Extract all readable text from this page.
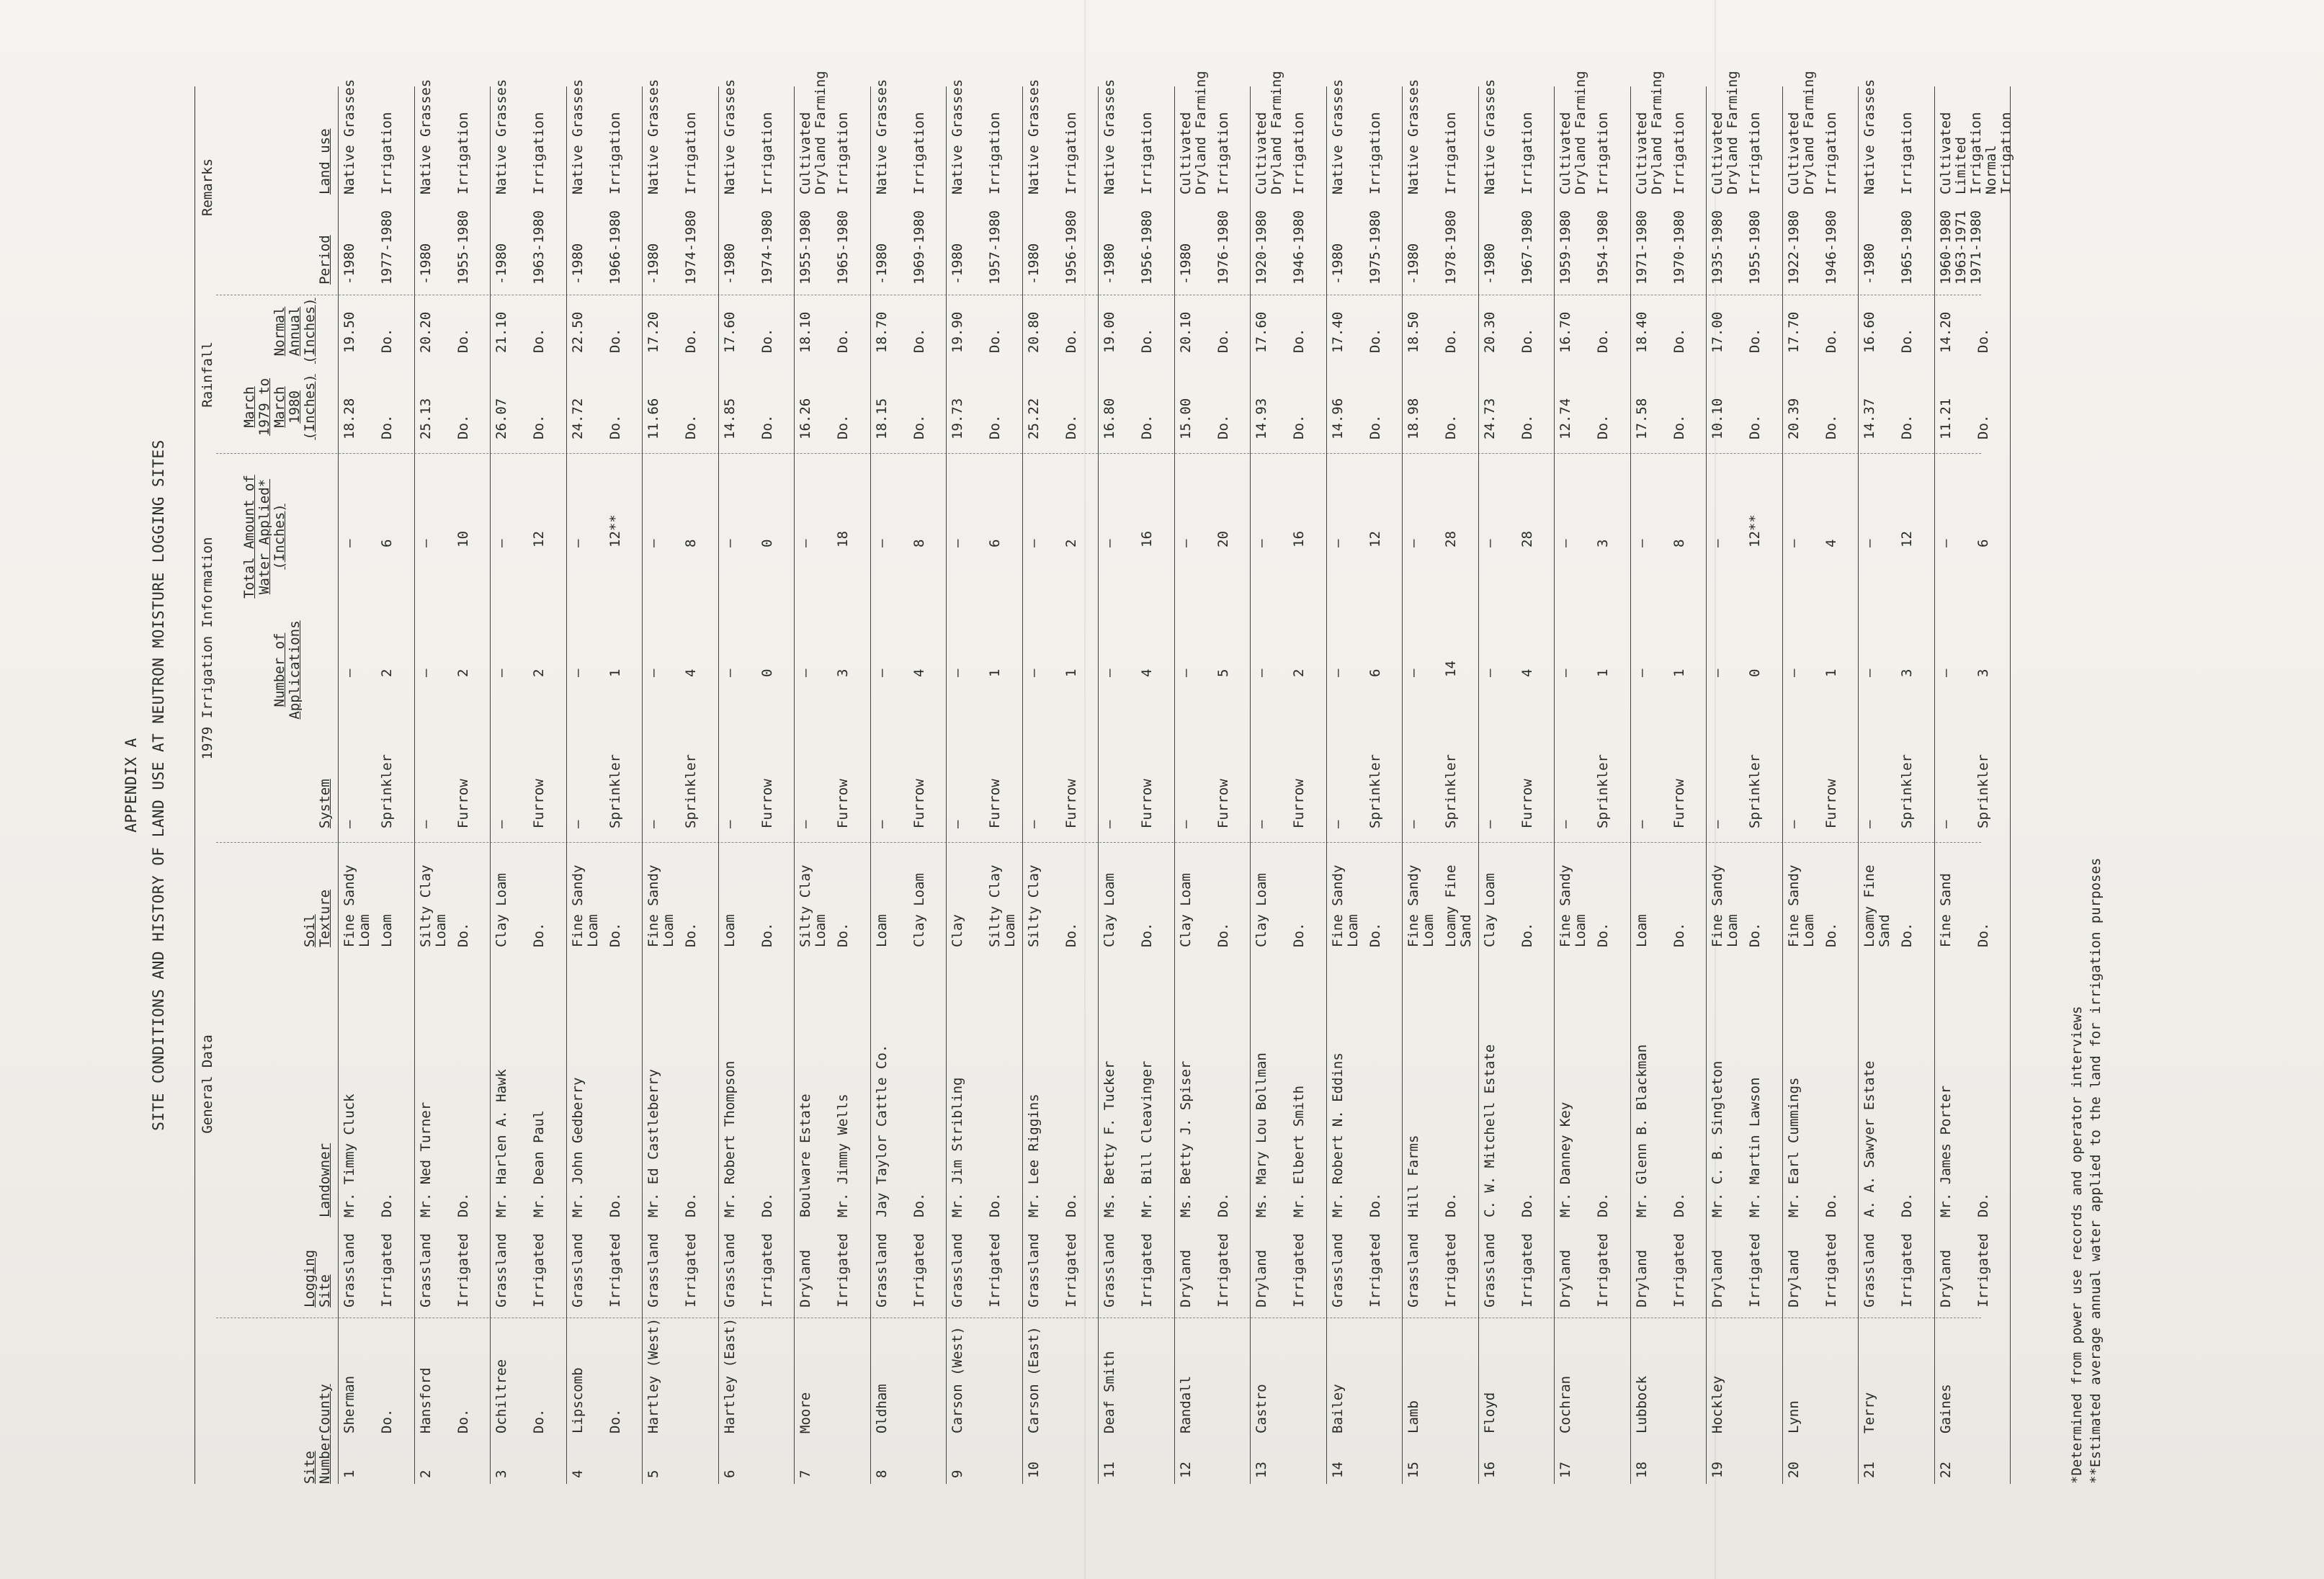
APPENDIX A SITE CONDITIONS AND HISTORY OF LAND USE AT NEUTRON MOISTURE LOGGING SITES General Data
1979 Irrigation Information
Rainfall
Remarks
Site Number
County
Logging Site
Landowner
Soil Texture
System
Number of Applications
Total Amount of Water Applied* (Inches)
March 1979 to March 1980 (Inches)
Normal Annual (Inches)
Period
Land use
1
Sherman
Grassland
Mr. Timmy Cluck
Fine Sandy
Loam
—
—
—
18.28
19.50
-1980
Native Grasses
Do.
Irrigated
Do.
Loam
Sprinkler
2
6
Do.
Do.
1977-1980
Irrigation
2
Hansford
Grassland
Mr. Ned Turner
Silty Clay
Loam
—
—
—
25.13
20.20
-1980
Native Grasses
Do.
Irrigated
Do.
Do.
Furrow
2
10
Do.
Do.
1955-1980
Irrigation
3
Ochiltree
Grassland
Mr. Harlen A. Hawk
Clay Loam
—
—
—
26.07
21.10
-1980
Native Grasses
Do.
Irrigated
Mr. Dean Paul
Do.
Furrow
2
12
Do.
Do.
1963-1980
Irrigation
4
Lipscomb
Grassland
Mr. John Gedberry
Fine Sandy
Loam
—
—
—
24.72
22.50
-1980
Native Grasses
Do.
Irrigated
Do.
Do.
Sprinkler
1
12**
Do.
Do.
1966-1980
Irrigation
5
Hartley (West)
Grassland
Mr. Ed Castleberry
Fine Sandy
Loam
—
—
—
11.66
17.20
-1980
Native Grasses
Irrigated
Do.
Do.
Sprinkler
4
8
Do.
Do.
1974-1980
Irrigation
6
Hartley (East)
Grassland
Mr. Robert Thompson
Loam
—
—
—
14.85
17.60
-1980
Native Grasses
Irrigated
Do.
Do.
Furrow
0
0
Do.
Do.
1974-1980
Irrigation
7
Moore
Dryland
Boulware Estate
Silty Clay
Loam
—
—
—
16.26
18.10
1955-1980
Cultivated
Dryland Farming
Irrigated
Mr. Jimmy Wells
Do.
Furrow
3
18
Do.
Do.
1965-1980
Irrigation
8
Oldham
Grassland
Jay Taylor Cattle Co.
Loam
—
—
—
18.15
18.70
-1980
Native Grasses
Irrigated
Do.
Clay Loam
Furrow
4
8
Do.
Do.
1969-1980
Irrigation
9
Carson (West)
Grassland
Mr. Jim Stribling
Clay
—
—
—
19.73
19.90
-1980
Native Grasses
Irrigated
Do.
Silty Clay
Loam
Furrow
1
6
Do.
Do.
1957-1980
Irrigation
10
Carson (East)
Grassland
Mr. Lee Riggins
Silty Clay
—
—
—
25.22
20.80
-1980
Native Grasses
Irrigated
Do.
Do.
Furrow
1
2
Do.
Do.
1956-1980
Irrigation
11
Deaf Smith
Grassland
Ms. Betty F. Tucker
Clay Loam
—
—
—
16.80
19.00
-1980
Native Grasses
Irrigated
Mr. Bill Cleavinger
Do.
Furrow
4
16
Do.
Do.
1956-1980
Irrigation
12
Randall
Dryland
Ms. Betty J. Spiser
Clay Loam
—
—
—
15.00
20.10
-1980
Cultivated
Dryland Farming
Irrigated
Do.
Do.
Furrow
5
20
Do.
Do.
1976-1980
Irrigation
13
Castro
Dryland
Ms. Mary Lou Bollman
Clay Loam
—
—
—
14.93
17.60
1920-1980
Cultivated
Dryland Farming
Irrigated
Mr. Elbert Smith
Do.
Furrow
2
16
Do.
Do.
1946-1980
Irrigation
14
Bailey
Grassland
Mr. Robert N. Eddins
Fine Sandy
Loam
—
—
—
14.96
17.40
-1980
Native Grasses
Irrigated
Do.
Do.
Sprinkler
6
12
Do.
Do.
1975-1980
Irrigation
15
Lamb
Grassland
Hill Farms
Fine Sandy
Loam
—
—
—
18.98
18.50
-1980
Native Grasses
Irrigated
Do.
Loamy Fine
Sand
Sprinkler
14
28
Do.
Do.
1978-1980
Irrigation
16
Floyd
Grassland
C. W. Mitchell Estate
Clay Loam
—
—
—
24.73
20.30
-1980
Native Grasses
Irrigated
Do.
Do.
Furrow
4
28
Do.
Do.
1967-1980
Irrigation
17
Cochran
Dryland
Mr. Danney Key
Fine Sandy
Loam
—
—
—
12.74
16.70
1959-1980
Cultivated
Dryland Farming
Irrigated
Do.
Do.
Sprinkler
1
3
Do.
Do.
1954-1980
Irrigation
18
Lubbock
Dryland
Mr. Glenn B. Blackman
Loam
—
—
—
17.58
18.40
1971-1980
Cultivated
Dryland Farming
Irrigated
Do.
Do.
Furrow
1
8
Do.
Do.
1970-1980
Irrigation
19
Hockley
Dryland
Mr. C. B. Singleton
Fine Sandy
Loam
—
—
—
10.10
17.00
1935-1980
Cultivated
Dryland Farming
Irrigated
Mr. Martin Lawson
Do.
Sprinkler
0
12**
Do.
Do.
1955-1980
Irrigation
20
Lynn
Dryland
Mr. Earl Cummings
Fine Sandy
Loam
—
—
—
20.39
17.70
1922-1980
Cultivated
Dryland Farming
Irrigated
Do.
Do.
Furrow
1
4
Do.
Do.
1946-1980
Irrigation
21
Terry
Grassland
A. A. Sawyer Estate
Loamy Fine
Sand
—
—
—
14.37
16.60
-1980
Native Grasses
Irrigated
Do.
Do.
Sprinkler
3
12
Do.
Do.
1965-1980
Irrigation
22
Gaines
Dryland
Mr. James Porter
Fine Sand
—
—
—
11.21
14.20
1960-1980
1963-1971
1971-1980
Cultivated
Limited
Irrigation
Normal
Irrigation
Irrigated
Do.
Do.
Sprinkler
3
6
Do.
Do.
*Determined from power use records and operator interviews **Estimated average annual water applied to the land for irrigation purposes
